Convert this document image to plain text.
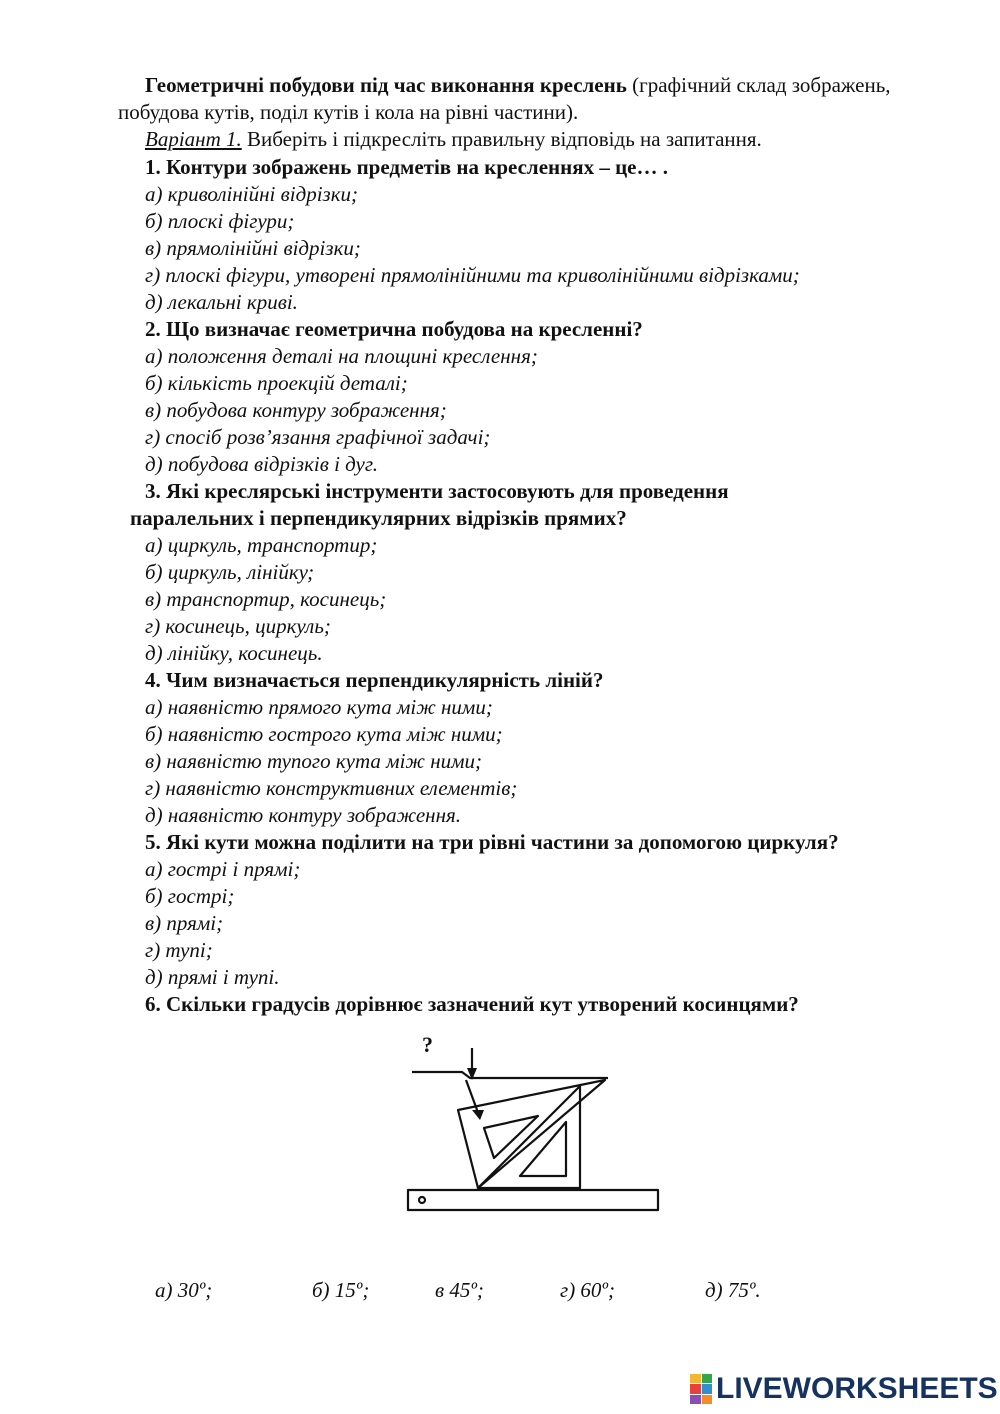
Геометричні побудови під час виконання креслень (графічний склад зображень, побудова кутів, поділ кутів і кола на рівні частини).
Варіант 1. Виберіть і підкресліть правильну відповідь на запитання.
1. Контури зображень предметів на кресленнях – це… .
а) криволінійні відрізки;
б) плоскі фігури;
в) прямолінійні відрізки;
г) плоскі фігури, утворені прямолінійними та криволінійними відрізками;
д) лекальні криві.
2. Що визначає геометрична побудова на кресленні?
а) положення деталі на площині креслення;
б) кількість проекцій деталі;
в) побудова контуру зображення;
г) спосіб розв’язання графічної задачі;
д) побудова відрізків і дуг.
3. Які креслярські інструменти застосовують для проведення
паралельних і перпендикулярних відрізків прямих?
а) циркуль, транспортир;
б) циркуль, лінійку;
в) транспортир, косинець;
г) косинець, циркуль;
д) лінійку, косинець.
4. Чим визначається перпендикулярність ліній?
а) наявністю прямого кута між ними;
б) наявністю гострого кута між ними;
в) наявністю тупого кута між ними;
г) наявністю конструктивних елементів;
д) наявністю контуру зображення.
5. Які кути можна поділити на три рівні частини за допомогою циркуля?
а) гострі і прямі;
б) гострі;
в) прямі;
г) тупі;
д) прямі і тупі.
6. Скільки градусів дорівнює зазначений кут утворений косинцями?
?
а) 30º;	б) 15º;	в 45º;	г) 60º;	д) 75º.
LIVEWORKSHEETS
